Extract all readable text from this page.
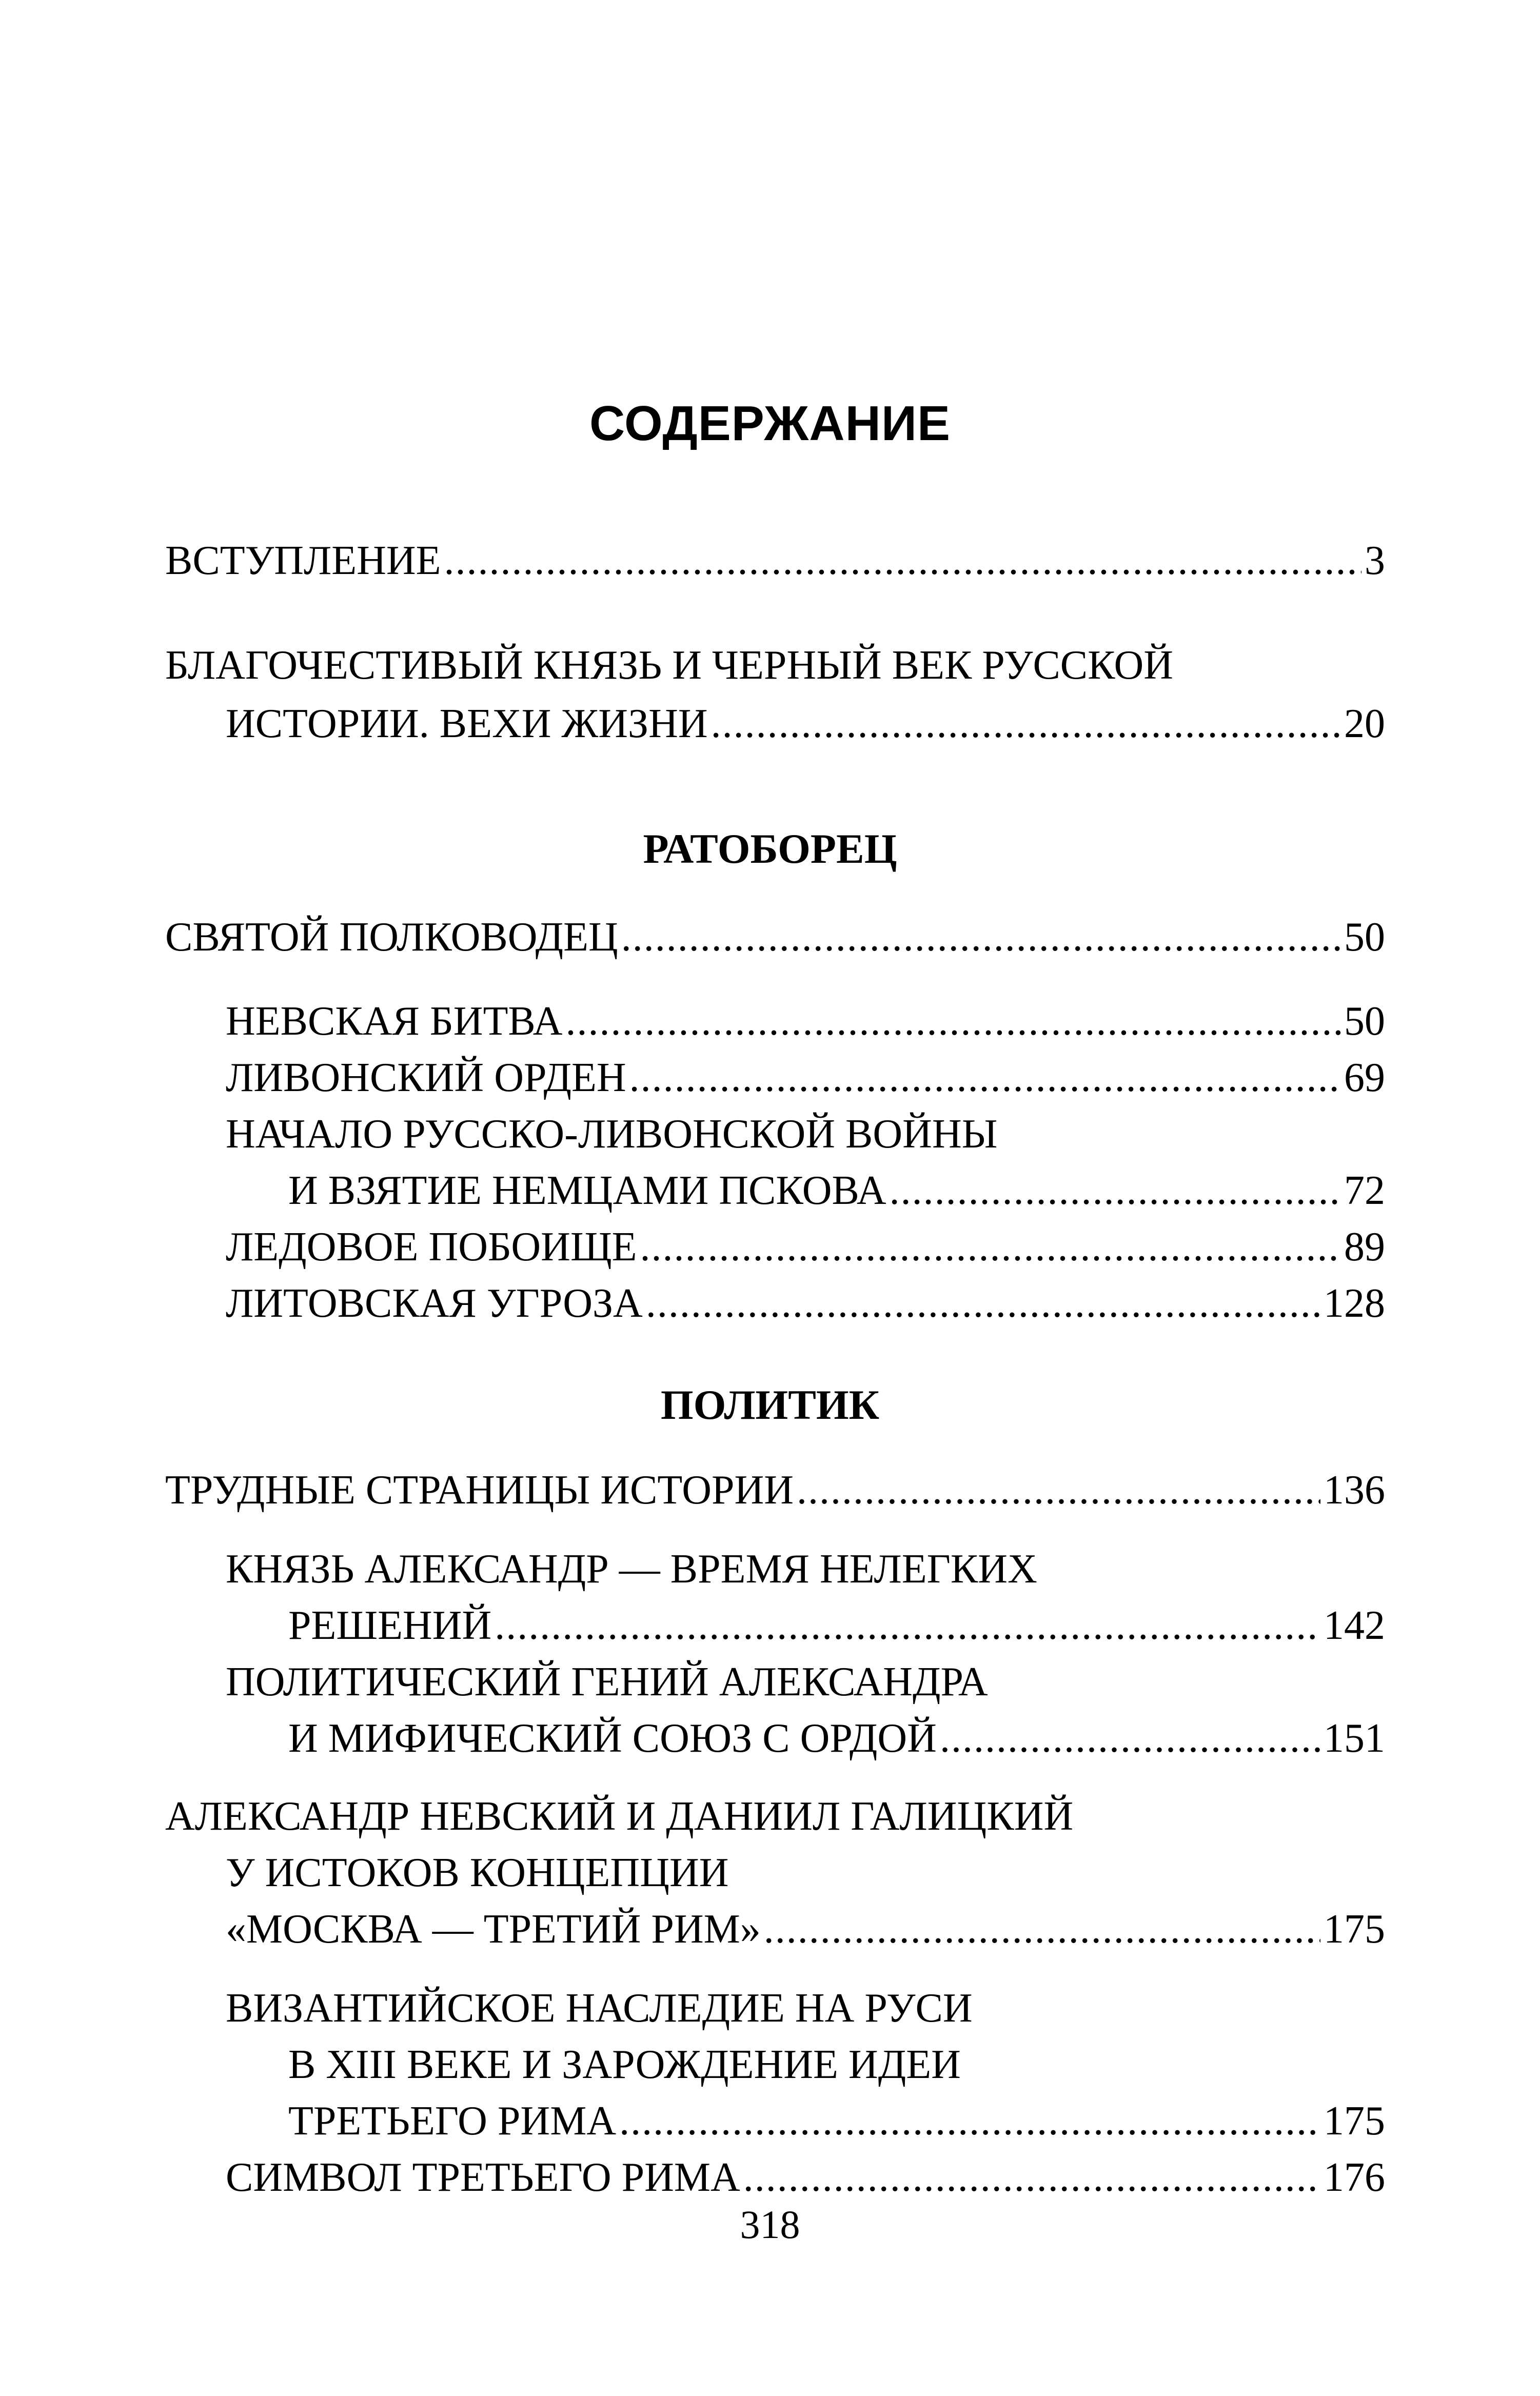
СОДЕРЖАНИЕ
ВСТУПЛЕНИЕ .....	3
БЛАГОЧЕСТИВЫЙ КНЯЗЬ И ЧЕРНЫЙ ВЕК РУССКОЙ
ИСТОРИИ. ВЕХИ ЖИЗНИ .....	20
РАТОБОРЕЦ
СВЯТОЙ ПОЛКОВОДЕЦ .....	50
НЕВСКАЯ БИТВА .....	50
ЛИВОНСКИЙ ОРДЕН .....	69
НАЧАЛО РУССКО-ЛИВОНСКОЙ ВОЙНЫ
И ВЗЯТИЕ НЕМЦАМИ ПСКОВА .....	72
ЛЕДОВОЕ ПОБОИЩЕ .....	89
ЛИТОВСКАЯ УГРОЗА .....	128
ПОЛИТИК
ТРУДНЫЕ СТРАНИЦЫ ИСТОРИИ .....	136
КНЯЗЬ АЛЕКСАНДР — ВРЕМЯ НЕЛЕГКИХ
РЕШЕНИЙ .....	142
ПОЛИТИЧЕСКИЙ ГЕНИЙ АЛЕКСАНДРА
И МИФИЧЕСКИЙ СОЮЗ С ОРДОЙ .....	151
АЛЕКСАНДР НЕВСКИЙ И ДАНИИЛ ГАЛИЦКИЙ
У ИСТОКОВ КОНЦЕПЦИИ
«МОСКВА — ТРЕТИЙ РИМ» .....	175
ВИЗАНТИЙСКОЕ НАСЛЕДИЕ НА РУСИ
В XIII ВЕКЕ И ЗАРОЖДЕНИЕ ИДЕИ
ТРЕТЬЕГО РИМА .....	175
СИМВОЛ ТРЕТЬЕГО РИМА .....	176
318
